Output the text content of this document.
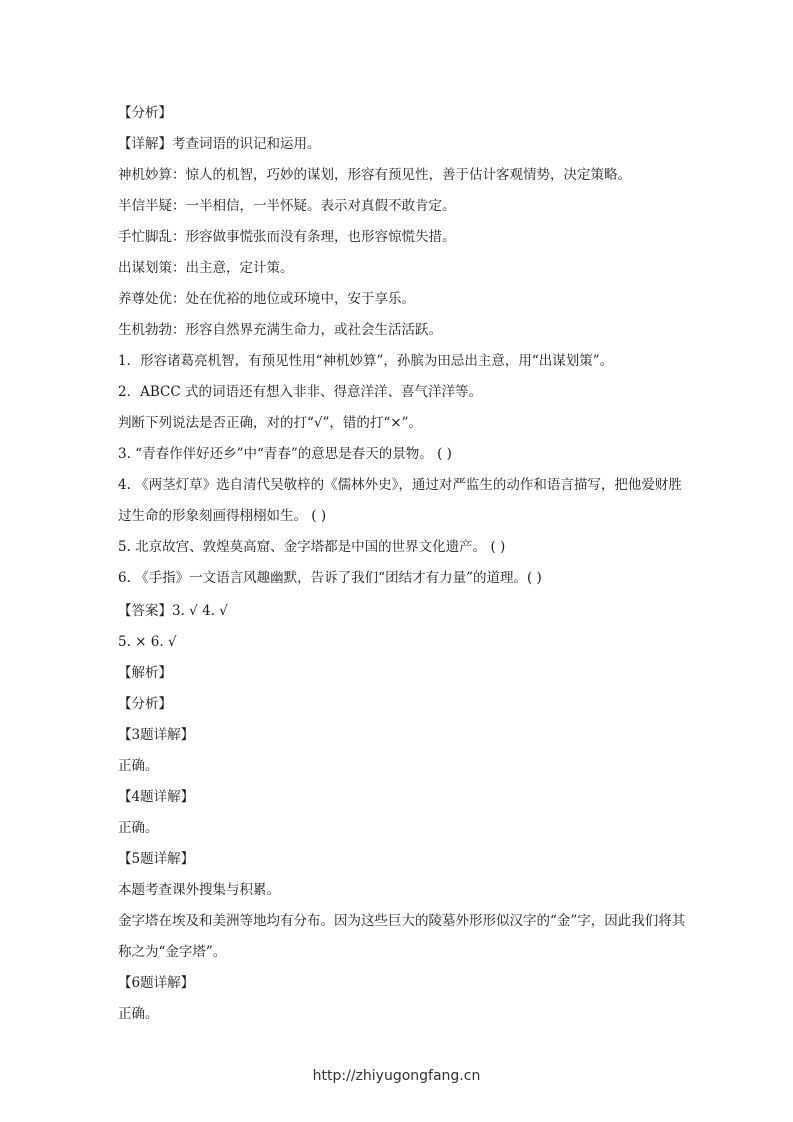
【分析】
【详解】考查词语的识记和运用。
神机妙算：惊人的机智，巧妙的谋划，形容有预见性，善于估计客观情势，决定策略。
半信半疑：一半相信，一半怀疑。表示对真假不敢肯定。
手忙脚乱：形容做事慌张而没有条理，也形容惊慌失措。
出谋划策：出主意，定计策。
养尊处优：处在优裕的地位或环境中，安于享乐。
生机勃勃：形容自然界充满生命力，或社会生活活跃。
1．形容诸葛亮机智，有预见性用“神机妙算”，孙膑为田忌出主意，用“出谋划策”。
2．ABCC 式的词语还有想入非非、得意洋洋、喜气洋洋等。
判断下列说法是否正确，对的打“√”，错的打“×”。
3. “青春作伴好还乡”中“青春”的意思是春天的景物。 ( )
4. 《两茎灯草》选自清代吴敬梓的《儒林外史》，通过对严监生的动作和语言描写，把他爱财胜过生命的形象刻画得栩栩如生。 ( )
5. 北京故宫、敦煌莫高窟、金字塔都是中国的世界文化遗产。 ( )
6. 《手指》一文语言风趣幽默，告诉了我们“团结才有力量”的道理。( )
【答案】3. √ 4. √
5. × 6. √
【解析】
【分析】
【3题详解】
正确。
【4题详解】
正确。
【5题详解】
本题考查课外搜集与积累。
金字塔在埃及和美洲等地均有分布。因为这些巨大的陵墓外形形似汉字的“金”字，因此我们将其称之为“金字塔”。
【6题详解】
正确。
http://zhiyugongfang.cn
